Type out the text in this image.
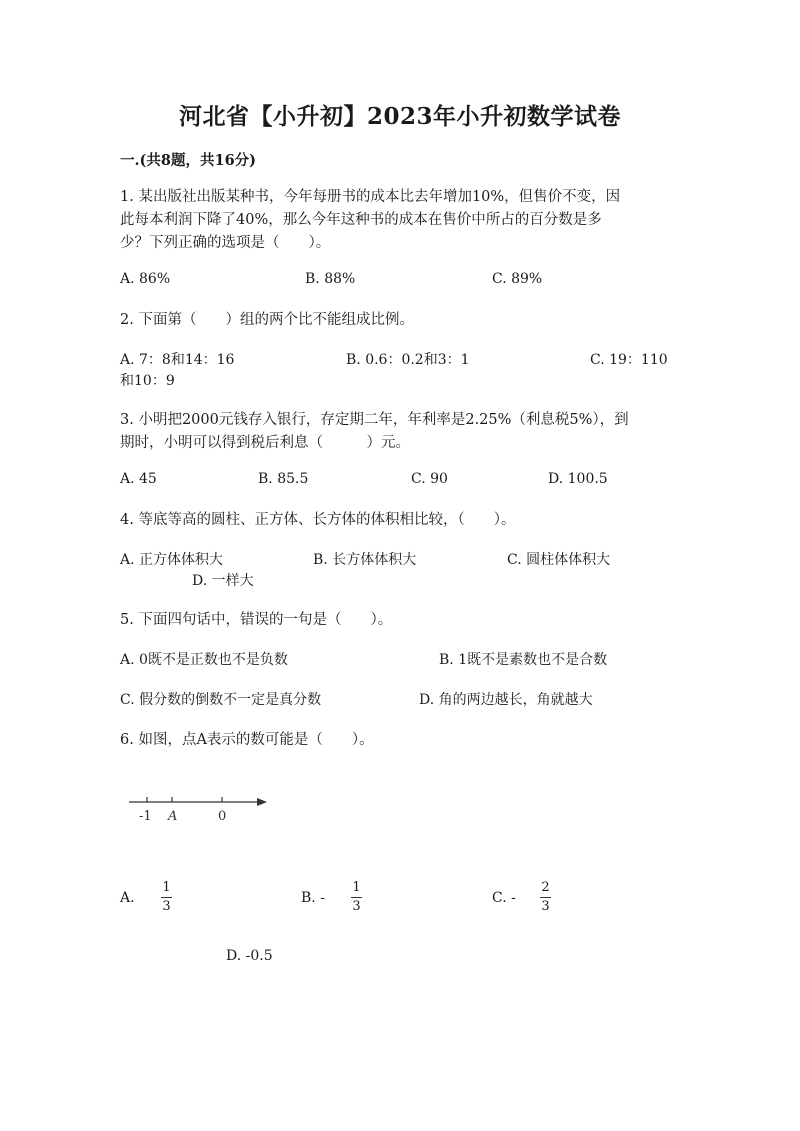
河北省【小升初】2023年小升初数学试卷
一.(共8题，共16分)
1. 某出版社出版某种书，今年每册书的成本比去年增加10%，但售价不变，因
此每本利润下降了40%，那么今年这种书的成本在售价中所占的百分数是多
少？下列正确的选项是（　　）。
A. 86%	B. 88%	C. 89%
2. 下面第（　　）组的两个比不能组成比例。
A. 7：8和14：16	B. 0.6：0.2和3：1	C. 19：110
和10：9
3. 小明把2000元钱存入银行，存定期二年，年利率是2.25%（利息税5%），到
期时，小明可以得到税后利息（　　　）元。
A. 45	B. 85.5	C. 90	D. 100.5
4. 等底等高的圆柱、正方体、长方体的体积相比较，（　　）。
A. 正方体体积大	B. 长方体体积大	C. 圆柱体体积大
D. 一样大
5. 下面四句话中，错误的一句是（　　）。
A. 0既不是正数也不是负数	B. 1既不是素数也不是合数
C. 假分数的倒数不一定是真分数	D. 角的两边越长，角就越大
6. 如图，点A表示的数可能是（　　）。
-1 A	0
A.
1
3
B. -
1
3
C. -
2
3
D. -0.5
